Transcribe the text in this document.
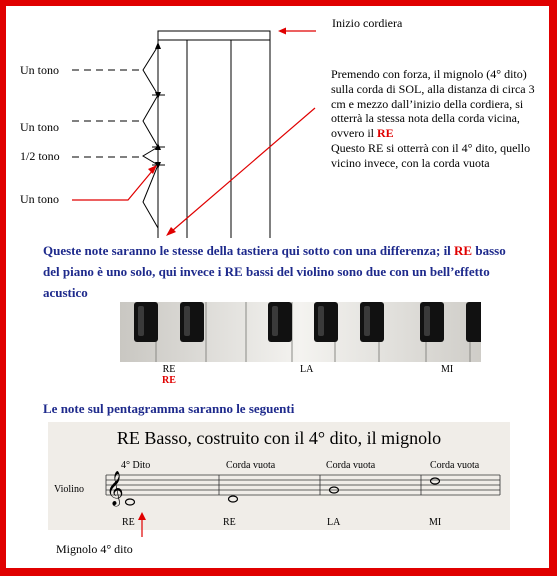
Inizio cordiera
Un tono
Un tono
1/2 tono
Un tono
Premendo con forza, il mignolo (4° dito) sulla corda di SOL, alla distanza di circa 3 cm e mezzo dall’inizio della cordiera, si otterrà la stessa nota della corda vicina, ovvero il RE
Questo RE si otterrà con il 4° dito, quello vicino invece, con la corda vuota
Queste note saranno le stesse della tastiera qui sotto con una differenza; il RE basso del piano è uno solo, qui invece i RE bassi del violino sono due con un bell’effetto acustico
RE
RE
LA	MI
Le note sul pentagramma saranno le seguenti
RE Basso, costruito con il 4° dito, il mignolo
Violino 𝄞
4° Dito	Corda vuota	Corda vuota	Corda vuota
RE	RE	LA	MI
Mignolo 4° dito
